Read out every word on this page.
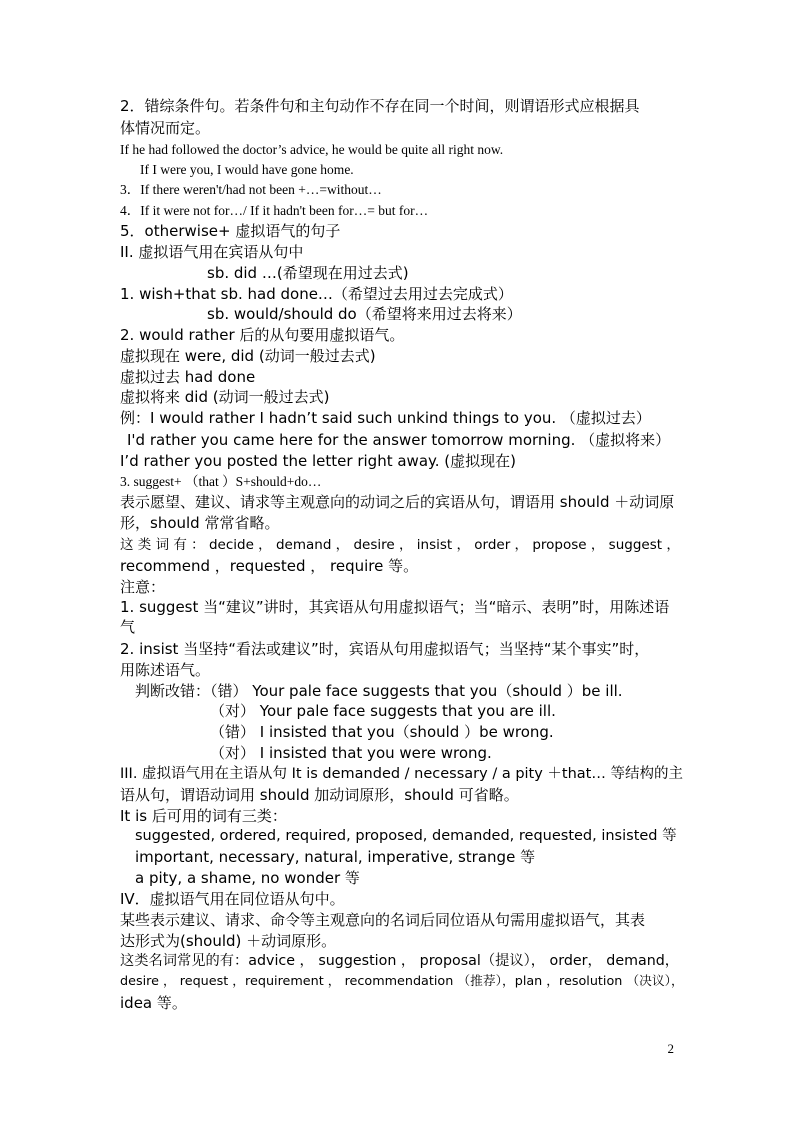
2．错综条件句。若条件句和主句动作不存在同一个时间，则谓语形式应根据具
体情况而定。
If he had followed the doctor’s advice, he would be quite all right now.
If I were you, I would have gone home.
3．If there weren't/had not been +…=without…
4．If it were not for…/ If it hadn't been for…= but for…
5．otherwise+ 虚拟语气的句子
II. 虚拟语气用在宾语从句中
sb. did …(希望现在用过去式)
1. wish+that sb. had done…（希望过去用过去完成式）
sb. would/should do（希望将来用过去将来）
2. would rather 后的从句要用虚拟语气。
虚拟现在 were, did (动词一般过去式)
虚拟过去 had done
虚拟将来 did (动词一般过去式)
例：I would rather I hadn’t said such unkind things to you. （虚拟过去）
I'd rather you came here for the answer tomorrow morning. （虚拟将来）
I’d rather you posted the letter right away. (虚拟现在)
3. suggest+ （that ）S+should+do…
表示愿望、建议、请求等主观意向的动词之后的宾语从句，谓语用 should ＋动词原
形，should 常常省略。
这 类 词 有 ： decide ， demand ， desire ， insist ， order ， propose ， suggest ，
recommend ，requested ， require 等。
注意：
1. suggest 当“建议”讲时，其宾语从句用虚拟语气；当“暗示、表明”时，用陈述语
气
2. insist 当坚持“看法或建议”时，宾语从句用虚拟语气；当坚持“某个事实”时，
用陈述语气。
判断改错：（错） Your pale face suggests that you（should ）be ill.
（对） Your pale face suggests that you are ill.
（错） I insisted that you（should ）be wrong.
（对） I insisted that you were wrong.
III. 虚拟语气用在主语从句 It is demanded / necessary / a pity ＋that… 等结构的主
语从句，谓语动词用 should 加动词原形，should 可省略。
It is 后可用的词有三类：
suggested, ordered, required, proposed, demanded, requested, insisted 等
important, necessary, natural, imperative, strange 等
a pity, a shame, no wonder 等
IV．虚拟语气用在同位语从句中。
某些表示建议、请求、命令等主观意向的名词后同位语从句需用虚拟语气，其表
达形式为(should) ＋动词原形。
这类名词常见的有：advice ， suggestion ， proposal（提议）， order， demand，
desire ， request ，requirement ， recommendation （推荐），plan ，resolution （决议），
idea 等。
2
